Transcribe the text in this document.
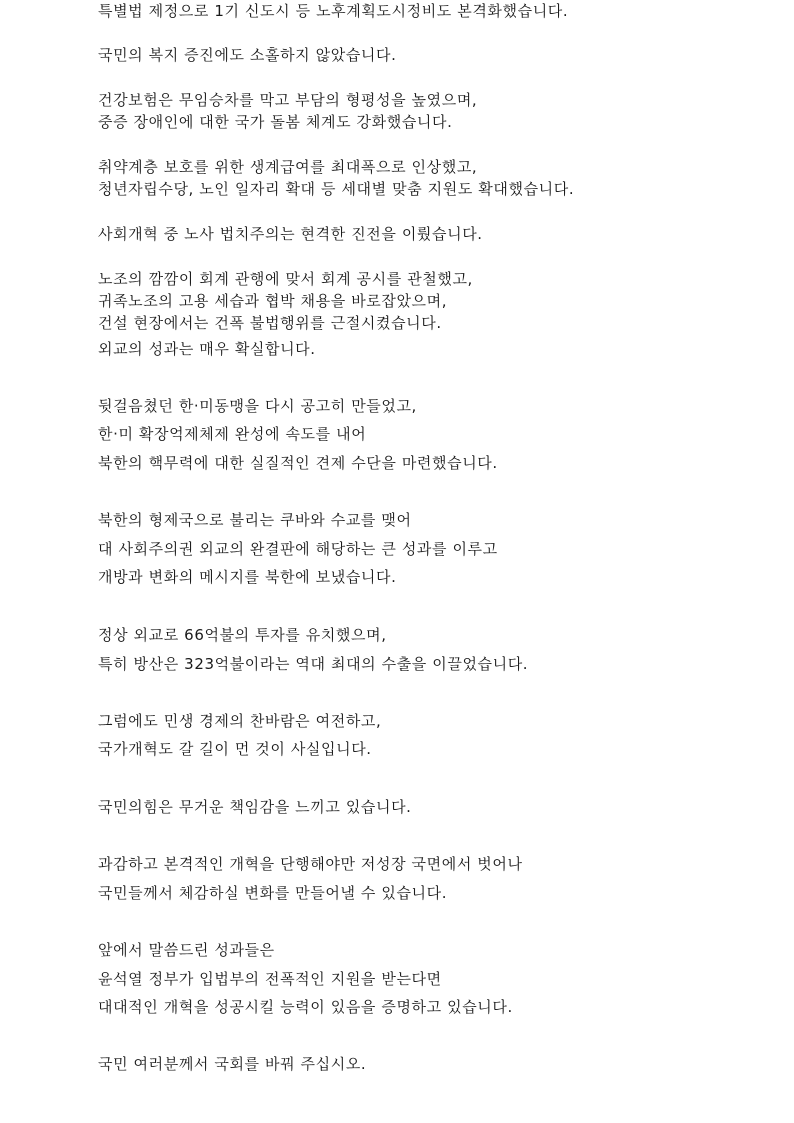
특별법 제정으로 1기 신도시 등 노후계획도시정비도 본격화했습니다.

국민의 복지 증진에도 소홀하지 않았습니다.

건강보험은 무임승차를 막고 부담의 형평성을 높였으며,

중증 장애인에 대한 국가 돌봄 체계도 강화했습니다.

취약계층 보호를 위한 생계급여를 최대폭으로 인상했고,

청년자립수당, 노인 일자리 확대 등 세대별 맞춤 지원도 확대했습니다.

사회개혁 중 노사 법치주의는 현격한 진전을 이뤘습니다.

노조의 깜깜이 회계 관행에 맞서 회계 공시를 관철했고,

귀족노조의 고용 세습과 협박 채용을 바로잡았으며,

건설 현장에서는 건폭 불법행위를 근절시켰습니다.

외교의 성과는 매우 확실합니다.

뒷걸음쳤던 한·미동맹을 다시 공고히 만들었고,

한·미 확장억제체제 완성에 속도를 내어

북한의 핵무력에 대한 실질적인 견제 수단을 마련했습니다.

북한의 형제국으로 불리는 쿠바와 수교를 맺어

대 사회주의권 외교의 완결판에 해당하는 큰 성과를 이루고

개방과 변화의 메시지를 북한에 보냈습니다.

정상 외교로 66억불의 투자를 유치했으며,

특히 방산은 323억불이라는 역대 최대의 수출을 이끌었습니다.

그럼에도 민생 경제의 찬바람은 여전하고,

국가개혁도 갈 길이 먼 것이 사실입니다.

국민의힘은 무거운 책임감을 느끼고 있습니다.

과감하고 본격적인 개혁을 단행해야만 저성장 국면에서 벗어나

국민들께서 체감하실 변화를 만들어낼 수 있습니다.

앞에서 말씀드린 성과들은

윤석열 정부가 입법부의 전폭적인 지원을 받는다면

대대적인 개혁을 성공시킬 능력이 있음을 증명하고 있습니다.

국민 여러분께서 국회를 바꿔 주십시오.
